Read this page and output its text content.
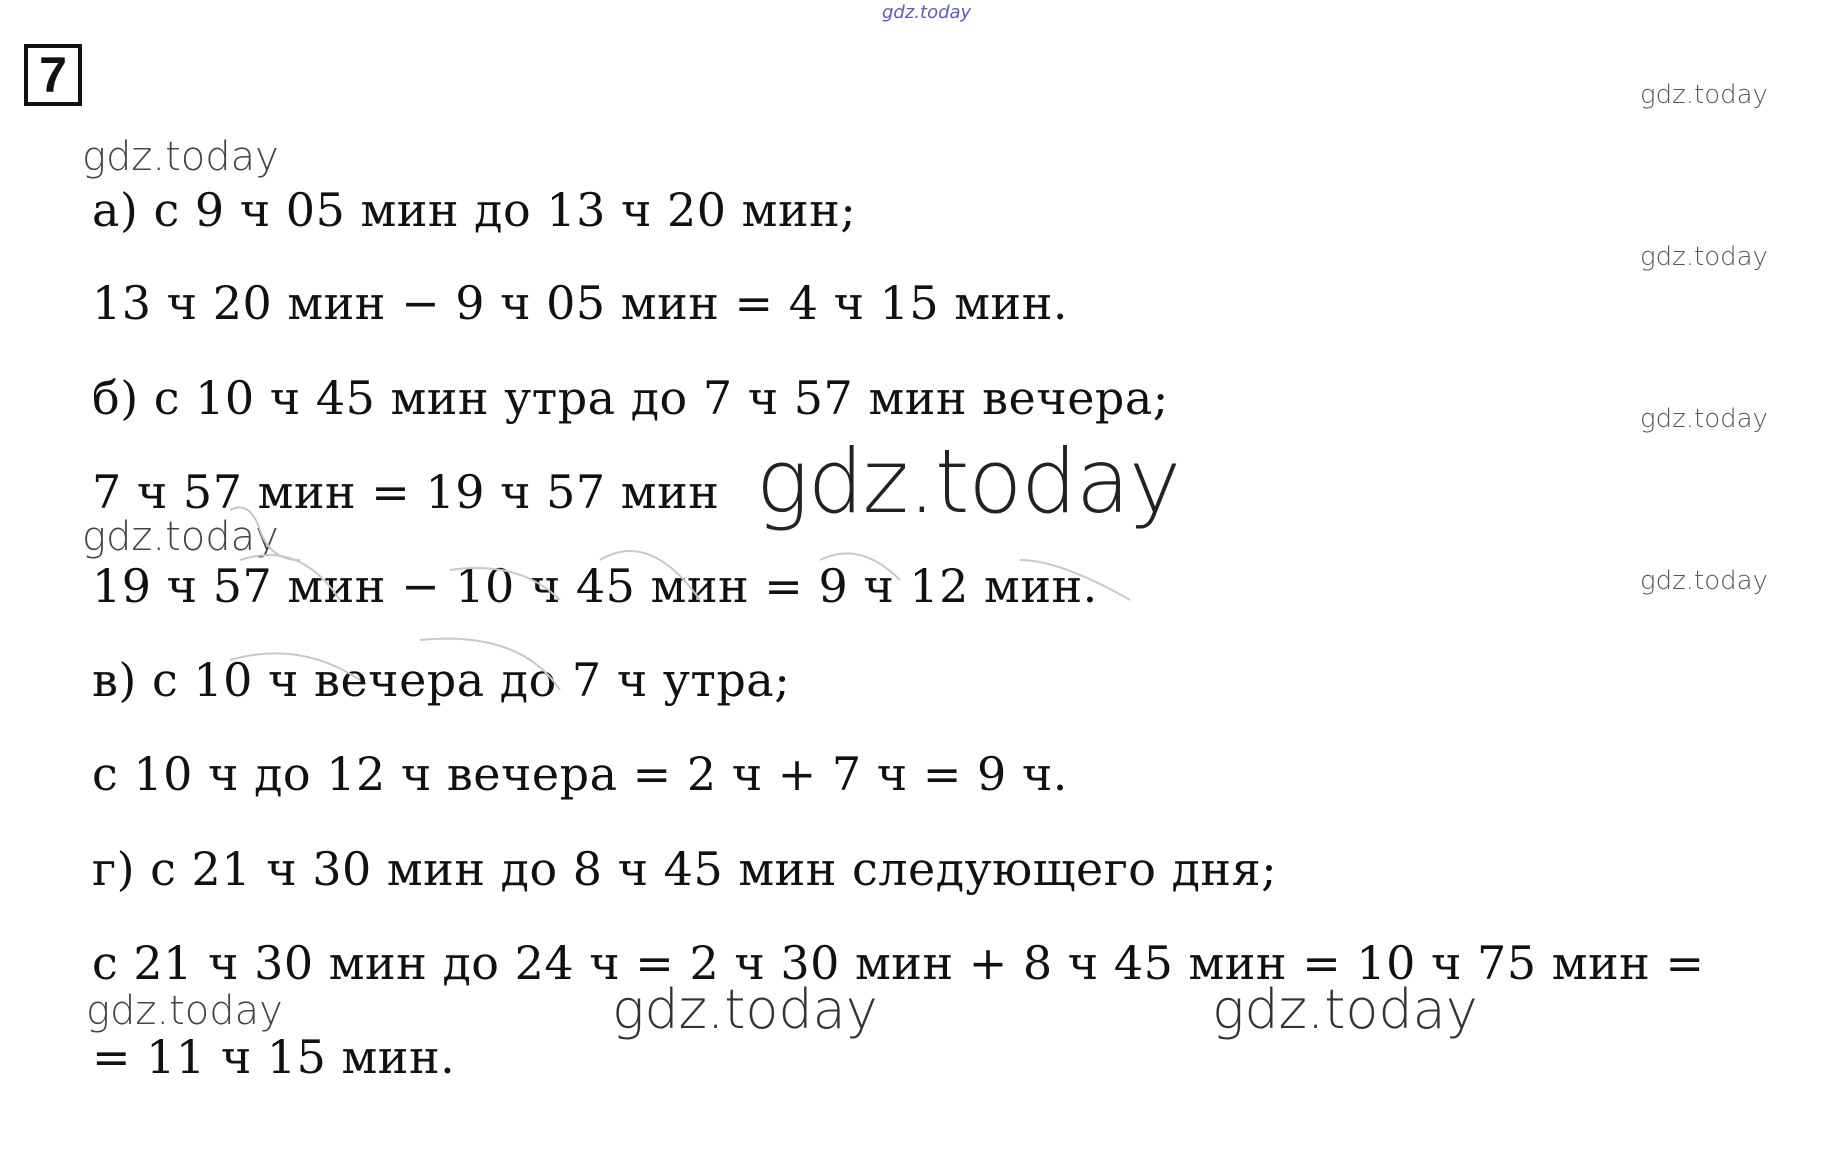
gdz.today
7	gdz.today
gdz.today
gdz.today
gdz.today
gdz.today
gdz.today
gdz.today
а) с 9 ч 05 мин до 13 ч 20 мин;
13 ч 20 мин − 9 ч 05 мин = 4 ч 15 мин.
б) с 10 ч 45 мин утра до 7 ч 57 мин вечера;
7 ч 57 мин = 19 ч 57 мин
19 ч 57 мин − 10 ч 45 мин = 9 ч 12 мин.
в) с 10 ч вечера до 7 ч утра;
с 10 ч до 12 ч вечера = 2 ч + 7 ч = 9 ч.
г) с 21 ч 30 мин до 8 ч 45 мин следующего дня;
с 21 ч 30 мин до 24 ч = 2 ч 30 мин + 8 ч 45 мин = 10 ч 75 мин =
= 11 ч 15 мин.
gdz.today
gdz.today	gdz.today
